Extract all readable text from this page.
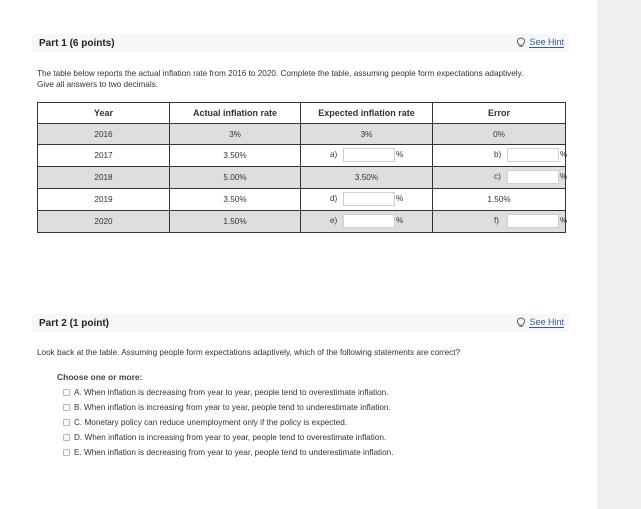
Part 1 (6 points)	See Hint
The table below reports the actual inflation rate from 2016 to 2020. Complete the table, assuming people form expectations adaptively.
Give all answers to two decimals.
Year	Actual inflation rate	Expected inflation rate	Error
2016	3%	3%	0%
2017	3.50%	a) %	b) %

2018	5.00%	3.50%	c) %

2019	3.50%	d) %	1.50%
2020	1.50%	e) %	f) %
Part 2 (1 point)	See Hint
Look back at the table. Assuming people form expectations adaptively, which of the following statements are correct?
Choose one or more:
A. When inflation is decreasing from year to year, people tend to overestimate inflation.
B. When inflation is increasing from year to year, people tend to underestimate inflation.
C. Monetary policy can reduce unemployment only if the policy is expected.
D. When inflation is increasing from year to year, people tend to overestimate inflation.
E. When inflation is decreasing from year to year, people tend to underestimate inflation.
